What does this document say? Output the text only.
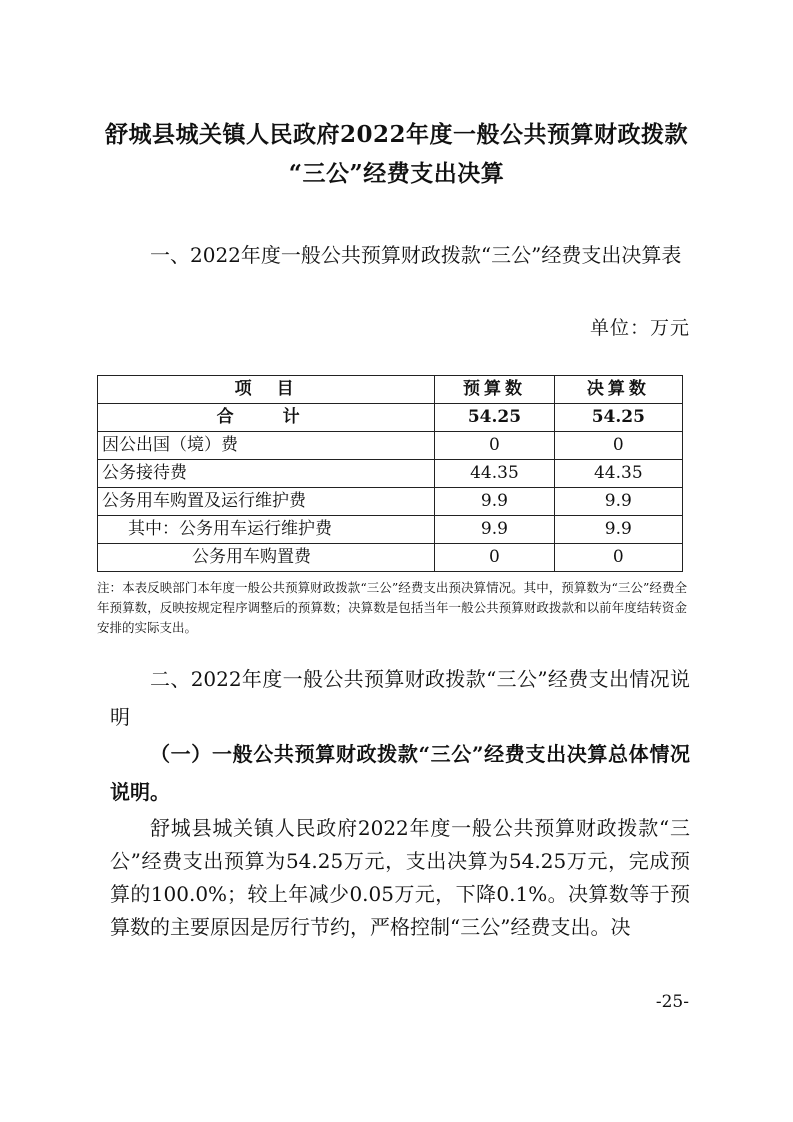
舒城县城关镇人民政府2022年度一般公共预算财政拨款
“三公”经费支出决算
一、2022年度一般公共预算财政拨款“三公”经费支出决算表
单位：万元
项　目	预算数	决算数
合　计	54.25	54.25
因公出国（境）费	0	0
公务接待费	44.35	44.35
公务用车购置及运行维护费	9.9	9.9
其中：公务用车运行维护费	9.9	9.9
公务用车购置费	0	0
注：本表反映部门本年度一般公共预算财政拨款“三公”经费支出预决算情况。其中，预算数为“三公”经费全年预算数，反映按规定程序调整后的预算数；决算数是包括当年一般公共预算财政拨款和以前年度结转资金安排的实际支出。
二、2022年度一般公共预算财政拨款“三公”经费支出情况说明
（一）一般公共预算财政拨款“三公”经费支出决算总体情况说明。
舒城县城关镇人民政府2022年度一般公共预算财政拨款“三公”经费支出预算为54.25万元，支出决算为54.25万元，完成预算的100.0%；较上年减少0.05万元，下降0.1%。决算数等于预算数的主要原因是厉行节约，严格控制“三公”经费支出。决
-25-
